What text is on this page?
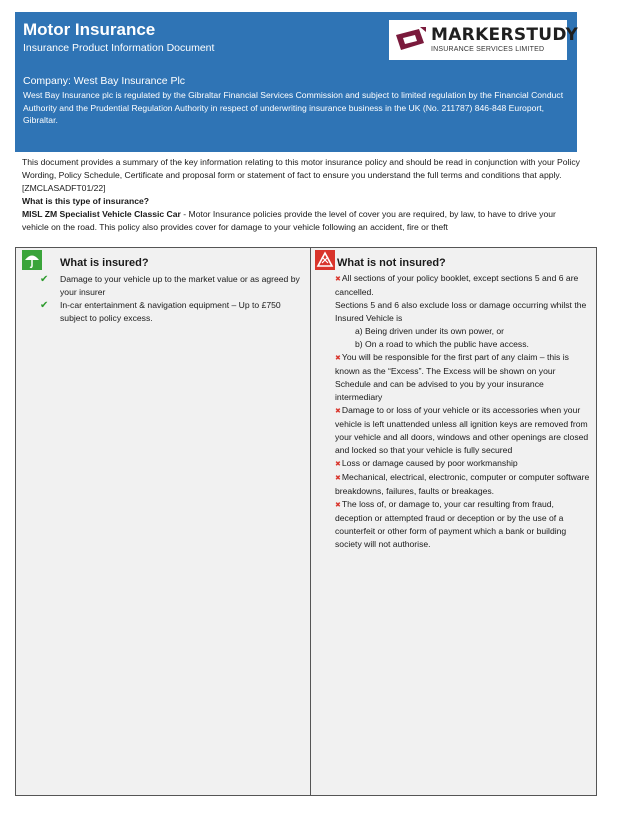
Motor Insurance
Insurance Product Information Document
Company: West Bay Insurance Plc
West Bay Insurance plc is regulated by the Gibraltar Financial Services Commission and subject to limited regulation by the Financial Conduct Authority and the Prudential Regulation Authority in respect of underwriting insurance business in the UK (No. 211787) 846-848 Europort, Gibraltar.
MARKERSTUDY
INSURANCE SERVICES LIMITED

This document provides a summary of the key information relating to this motor insurance policy and should be read in conjunction with your Policy Wording, Policy Schedule, Certificate and proposal form or statement of fact to ensure you understand the full terms and conditions that apply. [ZMCLASADFT01/22]

What is this type of insurance?

MISL ZM Specialist Vehicle Classic Car - Motor Insurance policies provide the level of cover you are required, by law, to have to drive your vehicle on the road. This policy also provides cover for damage to your vehicle following an accident, fire or theft

What is insured?
✔ Damage to your vehicle up to the market value or as agreed by your insurer
✔ In-car entertainment & navigation equipment – Up to £750 subject to policy excess.
What is not insured?
✖All sections of your policy booklet, except sections 5 and 6 are cancelled.
Sections 5 and 6 also exclude loss or damage occurring whilst the Insured Vehicle is
a) Being driven under its own power, or
b) On a road to which the public have access.
✖You will be responsible for the first part of any claim – this is known as the “Excess”. The Excess will be shown on your Schedule and can be advised to you by your insurance intermediary
✖Damage to or loss of your vehicle or its accessories when your vehicle is left unattended unless all ignition keys are removed from your vehicle and all doors, windows and other openings are closed and locked so that your vehicle is fully secured
✖Loss or damage caused by poor workmanship
✖Mechanical, electrical, electronic, computer or computer software breakdowns, failures, faults or breakages.
✖The loss of, or damage to, your car resulting from fraud, deception or attempted fraud or deception or by the use of a counterfeit or other form of payment which a bank or building society will not authorise.
